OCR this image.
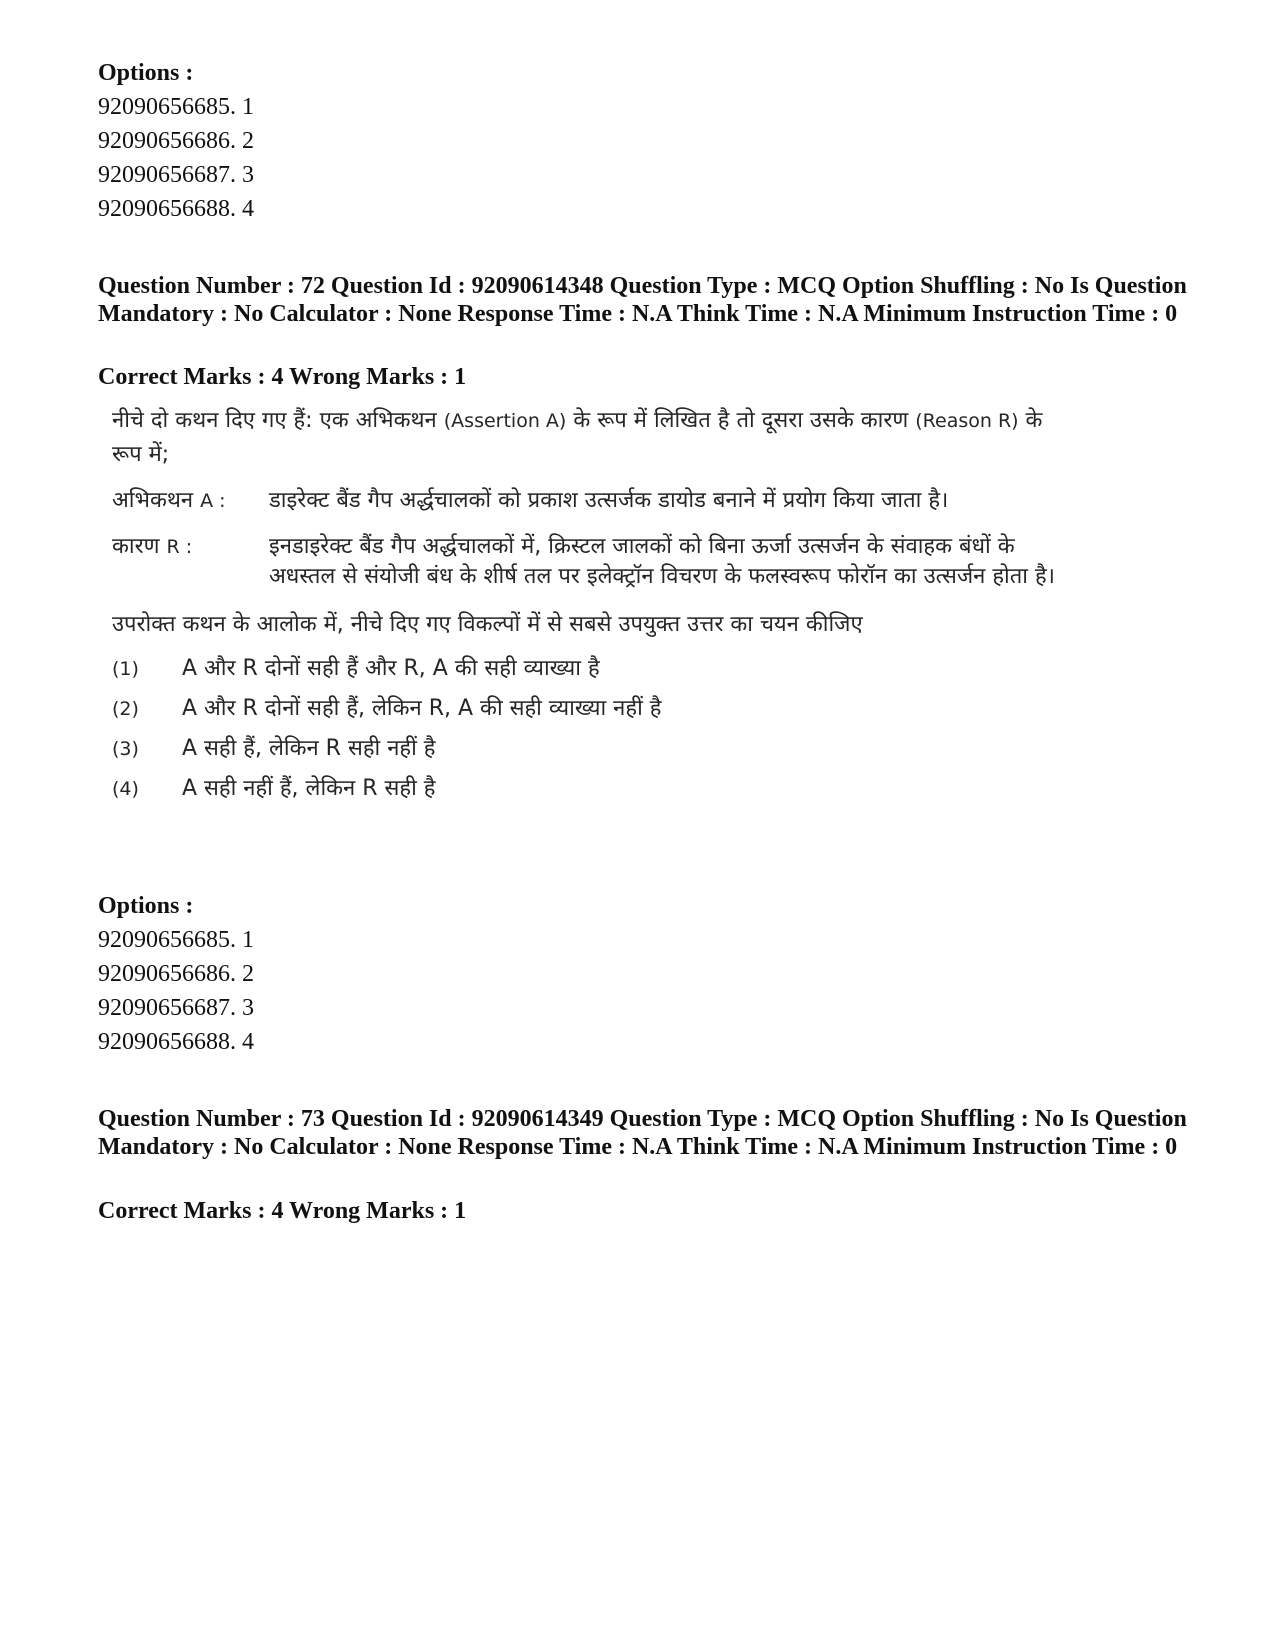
Options :
92090656685. 1
92090656686. 2
92090656687. 3
92090656688. 4
Question Number : 72 Question Id : 92090614348 Question Type : MCQ Option Shuffling : No Is Question Mandatory : No Calculator : None Response Time : N.A Think Time : N.A Minimum Instruction Time : 0
Correct Marks : 4 Wrong Marks : 1
नीचे दो कथन दिए गए हैं: एक अभिकथन (Assertion A) के रूप में लिखित है तो दूसरा उसके कारण (Reason R) के रूप में;
अभिकथन A :	डाइरेक्ट बैंड गैप अर्द्धचालकों को प्रकाश उत्सर्जक डायोड बनाने में प्रयोग किया जाता है।
कारण R :	इनडाइरेक्ट बैंड गैप अर्द्धचालकों में, क्रिस्टल जालकों को बिना ऊर्जा उत्सर्जन के संवाहक बंधों के अधस्तल से संयोजी बंध के शीर्ष तल पर इलेक्ट्रॉन विचरण के फलस्वरूप फोरॉन का उत्सर्जन होता है।
उपरोक्त कथन के आलोक में, नीचे दिए गए विकल्पों में से सबसे उपयुक्त उत्तर का चयन कीजिए
(1)	A और R दोनों सही हैं और R, A की सही व्याख्या है
(2)	A और R दोनों सही हैं, लेकिन R, A की सही व्याख्या नहीं है
(3)	A सही हैं, लेकिन R सही नहीं है
(4)	A सही नहीं हैं, लेकिन R सही है
Options :
92090656685. 1
92090656686. 2
92090656687. 3
92090656688. 4
Question Number : 73 Question Id : 92090614349 Question Type : MCQ Option Shuffling : No Is Question Mandatory : No Calculator : None Response Time : N.A Think Time : N.A Minimum Instruction Time : 0
Correct Marks : 4 Wrong Marks : 1
